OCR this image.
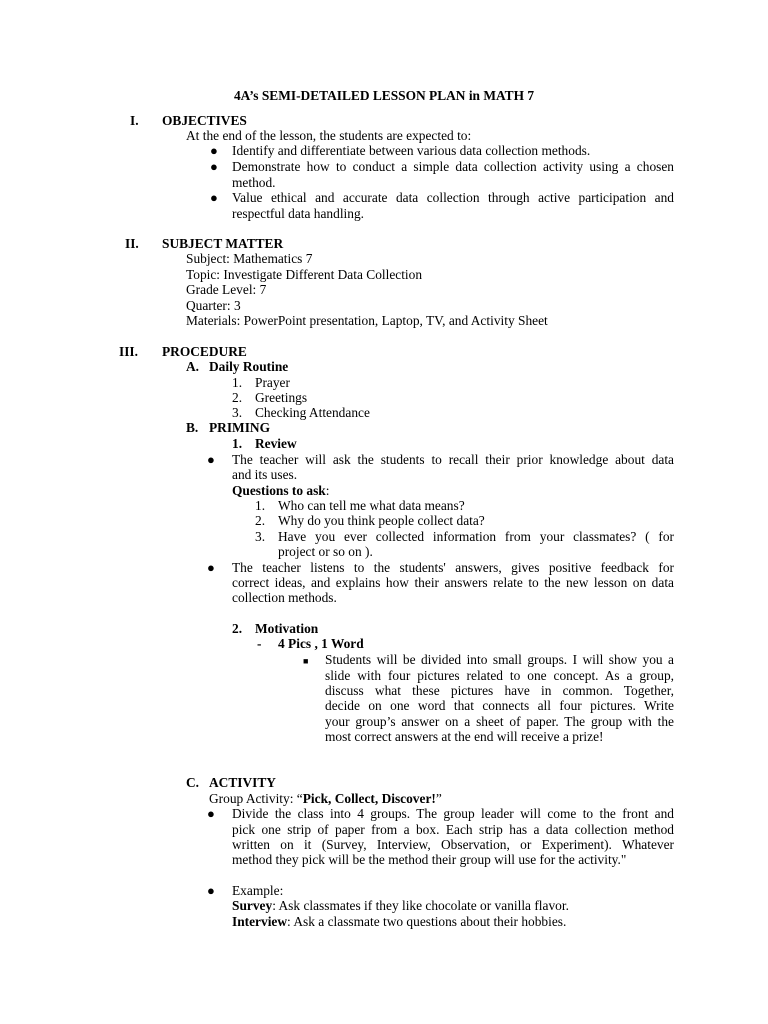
4A’s SEMI-DETAILED LESSON PLAN in MATH 7
I. OBJECTIVES
At the end of the lesson, the students are expected to:
● Identify and differentiate between various data collection methods.
● Demonstrate how to conduct a simple data collection activity using a chosen
method.
● Value ethical and accurate data collection through active participation and
respectful data handling.
II. SUBJECT MATTER
Subject: Mathematics 7
Topic: Investigate Different Data Collection
Grade Level: 7
Quarter: 3
Materials: PowerPoint presentation, Laptop, TV, and Activity Sheet
III. PROCEDURE
A. Daily Routine
1. Prayer
2. Greetings
3. Checking Attendance
B. PRIMING
1. Review
● The teacher will ask the students to recall their prior knowledge about data
and its uses.
Questions to ask:
1. Who can tell me what data means?
2. Why do you think people collect data?
3. Have you ever collected information from your classmates? ( for
project or so on ).
● The teacher listens to the students' answers, gives positive feedback for
correct ideas, and explains how their answers relate to the new lesson on data
collection methods.
2. Motivation
- 4 Pics , 1 Word
■ Students will be divided into small groups. I will show you a
slide with four pictures related to one concept. As a group,
discuss what these pictures have in common. Together,
decide on one word that connects all four pictures. Write
your group’s answer on a sheet of paper. The group with the
most correct answers at the end will receive a prize!
C. ACTIVITY
Group Activity: “Pick, Collect, Discover!”
● Divide the class into 4 groups. The group leader will come to the front and
pick one strip of paper from a box. Each strip has a data collection method
written on it (Survey, Interview, Observation, or Experiment). Whatever
method they pick will be the method their group will use for the activity."
● Example:
Survey: Ask classmates if they like chocolate or vanilla flavor.
Interview: Ask a classmate two questions about their hobbies.
